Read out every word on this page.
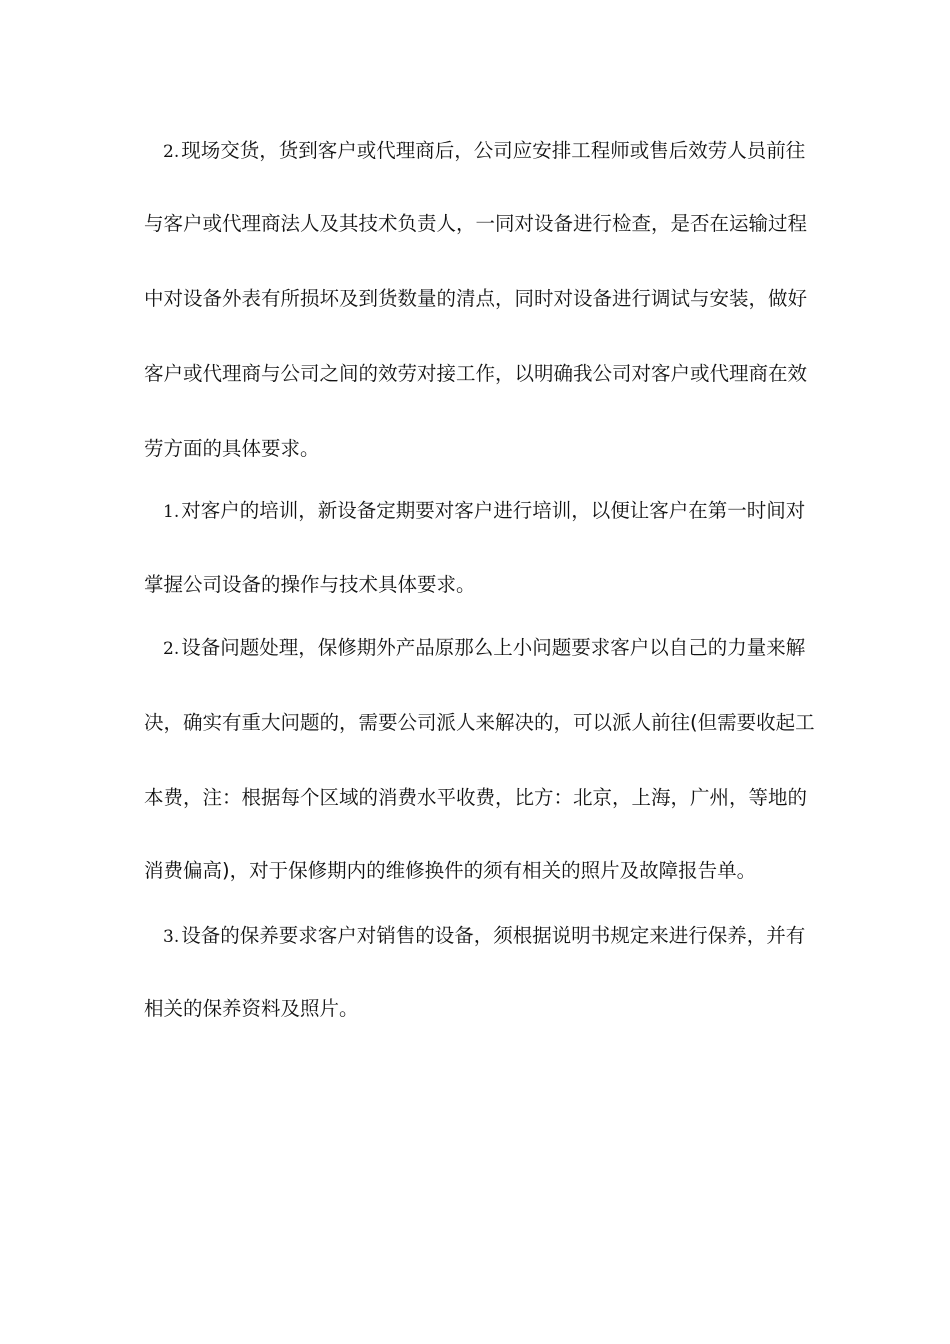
2. 现场交货，货到客户或代理商后，公司应安排工程师或售后效劳人员前往
与客户或代理商法人及其技术负责人，一同对设备进行检查，是否在运输过程
中对设备外表有所损坏及到货数量的清点，同时对设备进行调试与安装，做好
客户或代理商与公司之间的效劳对接工作，以明确我公司对客户或代理商在效
劳方面的具体要求。
1. 对客户的培训，新设备定期要对客户进行培训，以便让客户在第一时间对
掌握公司设备的操作与技术具体要求。
2. 设备问题处理，保修期外产品原那么上小问题要求客户以自己的力量来解
决，确实有重大问题的，需要公司派人来解决的，可以派人前往(但需要收起工
本费，注：根据每个区域的消费水平收费，比方：北京，上海，广州，等地的
消费偏高)，对于保修期内的维修换件的须有相关的照片及故障报告单。
3. 设备的保养要求客户对销售的设备，须根据说明书规定来进行保养，并有
相关的保养资料及照片。
